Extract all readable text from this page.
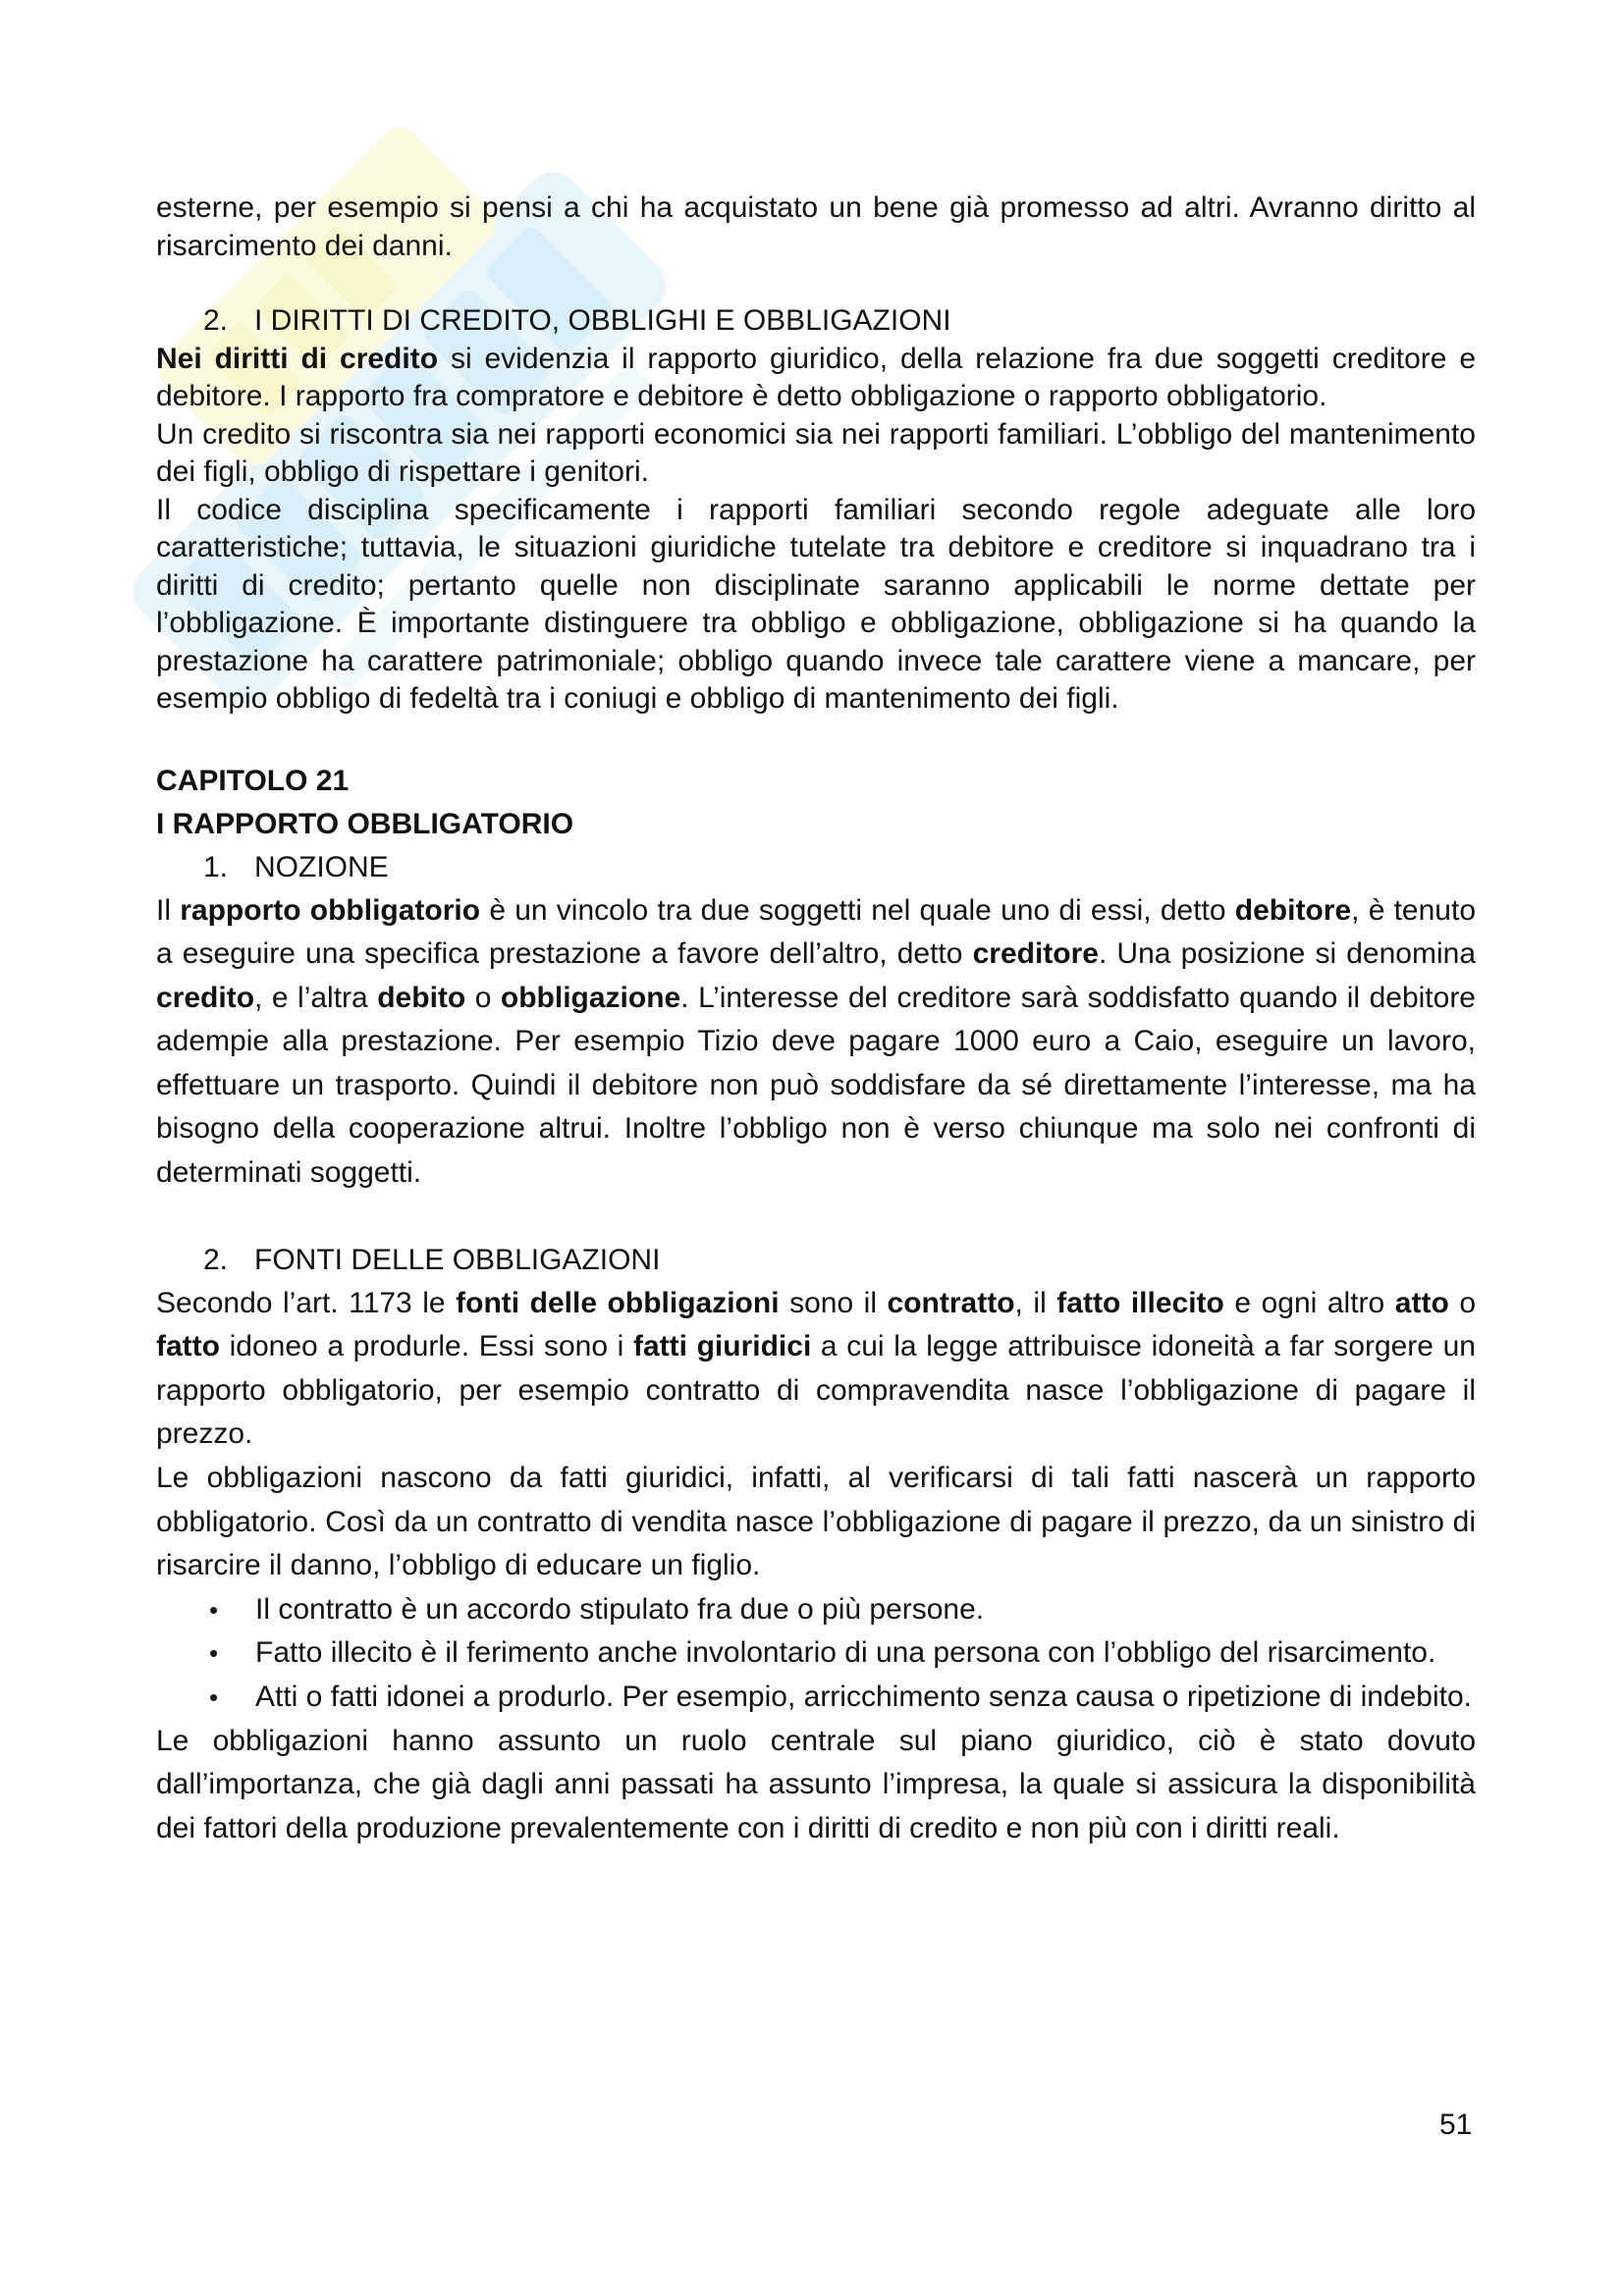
esterne, per esempio si pensi a chi ha acquistato un bene già promesso ad altri. Avranno diritto al risarcimento dei danni.

2. I DIRITTI DI CREDITO, OBBLIGHI E OBBLIGAZIONI

Nei diritti di credito si evidenzia il rapporto giuridico, della relazione fra due soggetti creditore e debitore. I rapporto fra compratore e debitore è detto obbligazione o rapporto obbligatorio.

Un credito si riscontra sia nei rapporti economici sia nei rapporti familiari. L’obbligo del mantenimento dei figli, obbligo di rispettare i genitori.

Il codice disciplina specificamente i rapporti familiari secondo regole adeguate alle loro caratteristiche; tuttavia, le situazioni giuridiche tutelate tra debitore e creditore si inquadrano tra i diritti di credito; pertanto quelle non disciplinate saranno applicabili le norme dettate per l’obbligazione. È importante distinguere tra obbligo e obbligazione, obbligazione si ha quando la prestazione ha carattere patrimoniale; obbligo quando invece tale carattere viene a mancare, per esempio obbligo di fedeltà tra i coniugi e obbligo di mantenimento dei figli.

CAPITOLO 21
I RAPPORTO OBBLIGATORIO
1. NOZIONE

Il rapporto obbligatorio è un vincolo tra due soggetti nel quale uno di essi, detto debitore, è tenuto a eseguire una specifica prestazione a favore dell’altro, detto creditore. Una posizione si denomina credito, e l’altra debito o obbligazione. L’interesse del creditore sarà soddisfatto quando il debitore adempie alla prestazione. Per esempio Tizio deve pagare 1000 euro a Caio, eseguire un lavoro, effettuare un trasporto. Quindi il debitore non può soddisfare da sé direttamente l’interesse, ma ha bisogno della cooperazione altrui. Inoltre l’obbligo non è verso chiunque ma solo nei confronti di determinati soggetti.

2. FONTI DELLE OBBLIGAZIONI

Secondo l’art. 1173 le fonti delle obbligazioni sono il contratto, il fatto illecito e ogni altro atto o fatto idoneo a produrle. Essi sono i fatti giuridici a cui la legge attribuisce idoneità a far sorgere un rapporto obbligatorio, per esempio contratto di compravendita nasce l’obbligazione di pagare il prezzo.

Le obbligazioni nascono da fatti giuridici, infatti, al verificarsi di tali fatti nascerà un rapporto obbligatorio. Così da un contratto di vendita nasce l’obbligazione di pagare il prezzo, da un sinistro di risarcire il danno, l’obbligo di educare un figlio.

• Il contratto è un accordo stipulato fra due o più persone.
• Fatto illecito è il ferimento anche involontario di una persona con l’obbligo del risarcimento.
• Atti o fatti idonei a produrlo. Per esempio, arricchimento senza causa o ripetizione di indebito.

Le obbligazioni hanno assunto un ruolo centrale sul piano giuridico, ciò è stato dovuto dall’importanza, che già dagli anni passati ha assunto l’impresa, la quale si assicura la disponibilità dei fattori della produzione prevalentemente con i diritti di credito e non più con i diritti reali.

51
